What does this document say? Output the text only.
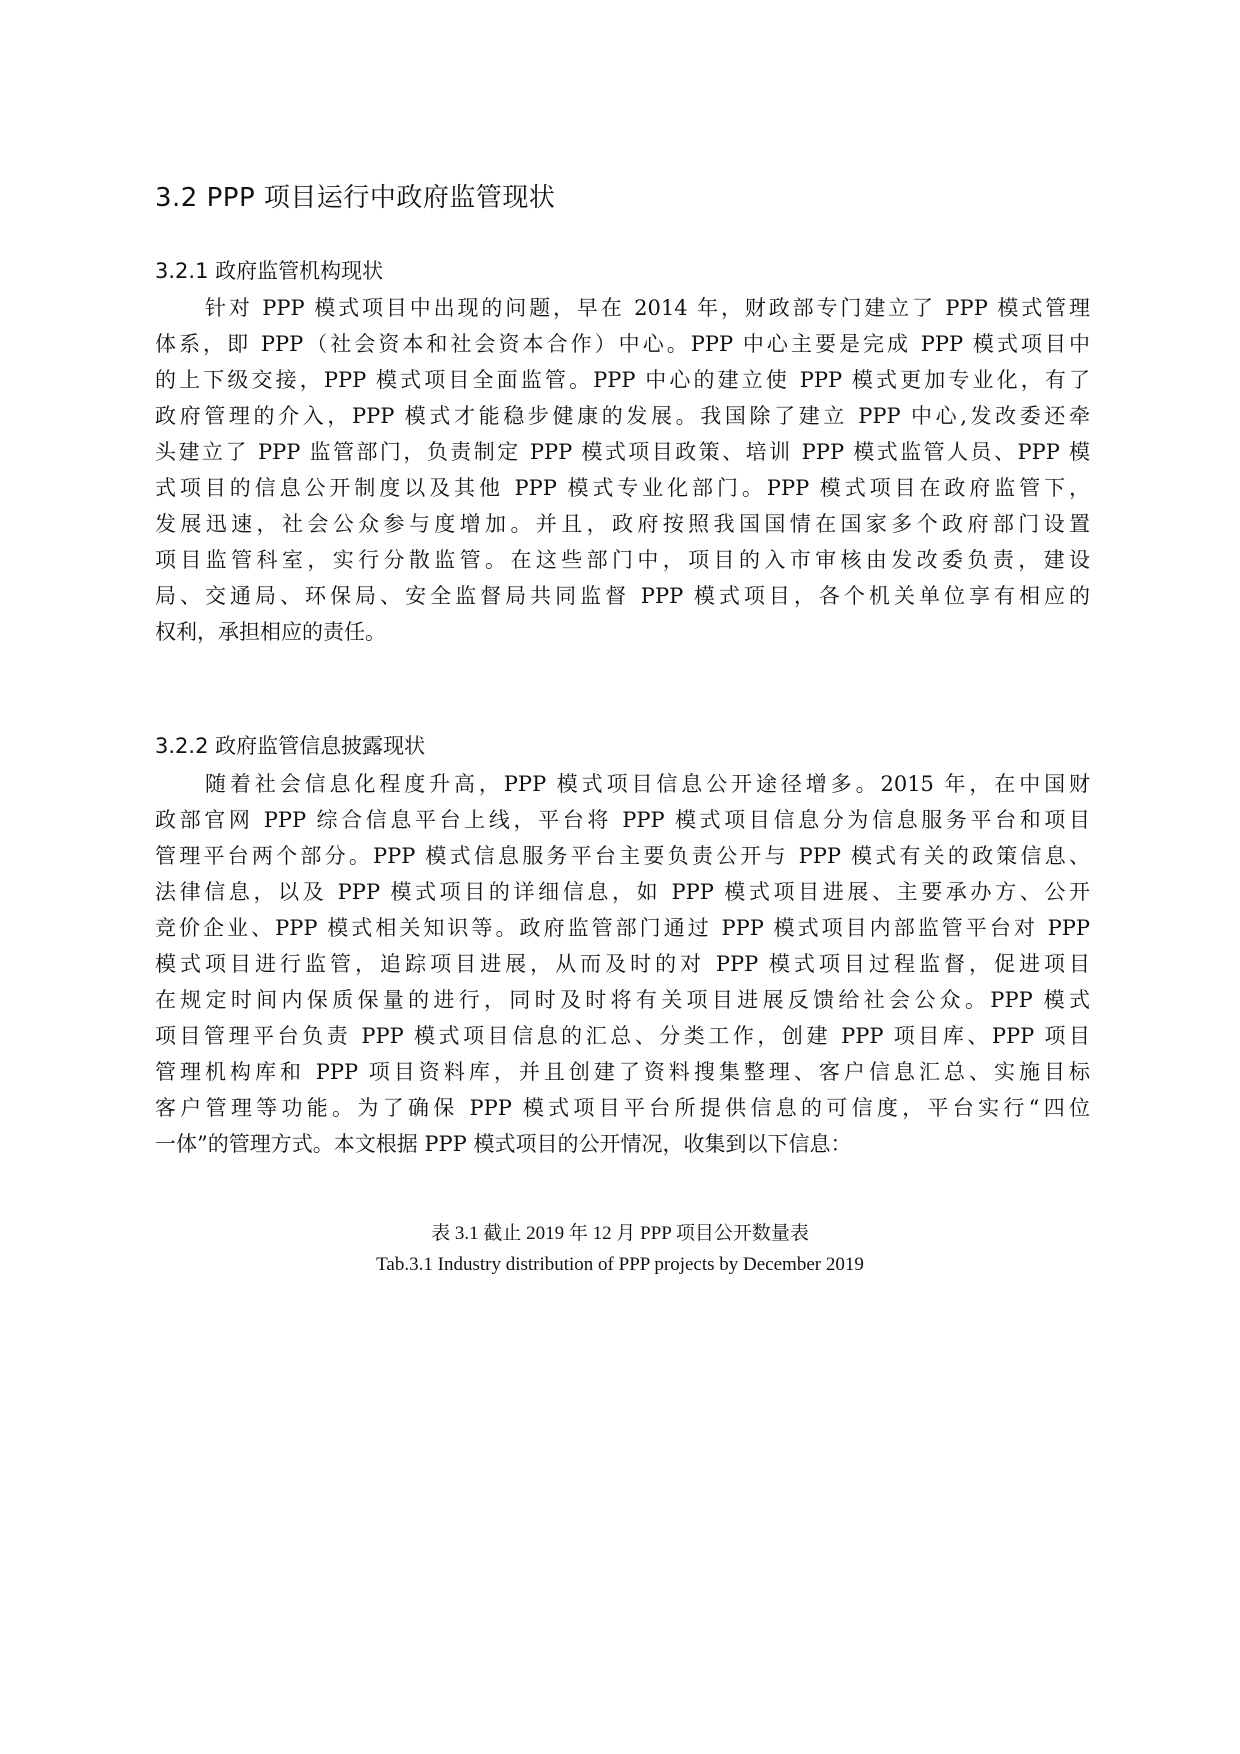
3.2 PPP 项目运行中政府监管现状
3.2.1 政府监管机构现状
针对 PPP 模式项目中出现的问题，早在 2014 年，财政部专门建立了 PPP 模式管理
体系，即 PPP（社会资本和社会资本合作）中心。PPP 中心主要是完成 PPP 模式项目中
的上下级交接，PPP 模式项目全面监管。PPP 中心的建立使 PPP 模式更加专业化，有了
政府管理的介入，PPP 模式才能稳步健康的发展。我国除了建立 PPP 中心,发改委还牵
头建立了 PPP 监管部门，负责制定 PPP 模式项目政策、培训 PPP 模式监管人员、PPP 模
式项目的信息公开制度以及其他 PPP 模式专业化部门。PPP 模式项目在政府监管下，
发展迅速，社会公众参与度增加。并且，政府按照我国国情在国家多个政府部门设置
项目监管科室，实行分散监管。在这些部门中，项目的入市审核由发改委负责，建设
局、交通局、环保局、安全监督局共同监督 PPP 模式项目，各个机关单位享有相应的
权利，承担相应的责任。
3.2.2 政府监管信息披露现状
随着社会信息化程度升高，PPP 模式项目信息公开途径增多。2015 年，在中国财
政部官网 PPP 综合信息平台上线，平台将 PPP 模式项目信息分为信息服务平台和项目
管理平台两个部分。PPP 模式信息服务平台主要负责公开与 PPP 模式有关的政策信息、
法律信息，以及 PPP 模式项目的详细信息，如 PPP 模式项目进展、主要承办方、公开
竞价企业、PPP 模式相关知识等。政府监管部门通过 PPP 模式项目内部监管平台对 PPP
模式项目进行监管，追踪项目进展，从而及时的对 PPP 模式项目过程监督，促进项目
在规定时间内保质保量的进行，同时及时将有关项目进展反馈给社会公众。PPP 模式
项目管理平台负责 PPP 模式项目信息的汇总、分类工作，创建 PPP 项目库、PPP 项目
管理机构库和 PPP 项目资料库，并且创建了资料搜集整理、客户信息汇总、实施目标
客户管理等功能。为了确保 PPP 模式项目平台所提供信息的可信度，平台实行“四位
一体”的管理方式。本文根据 PPP 模式项目的公开情况，收集到以下信息：
表 3.1 截止 2019 年 12 月 PPP 项目公开数量表
Tab.3.1 Industry distribution of PPP projects by December 2019
